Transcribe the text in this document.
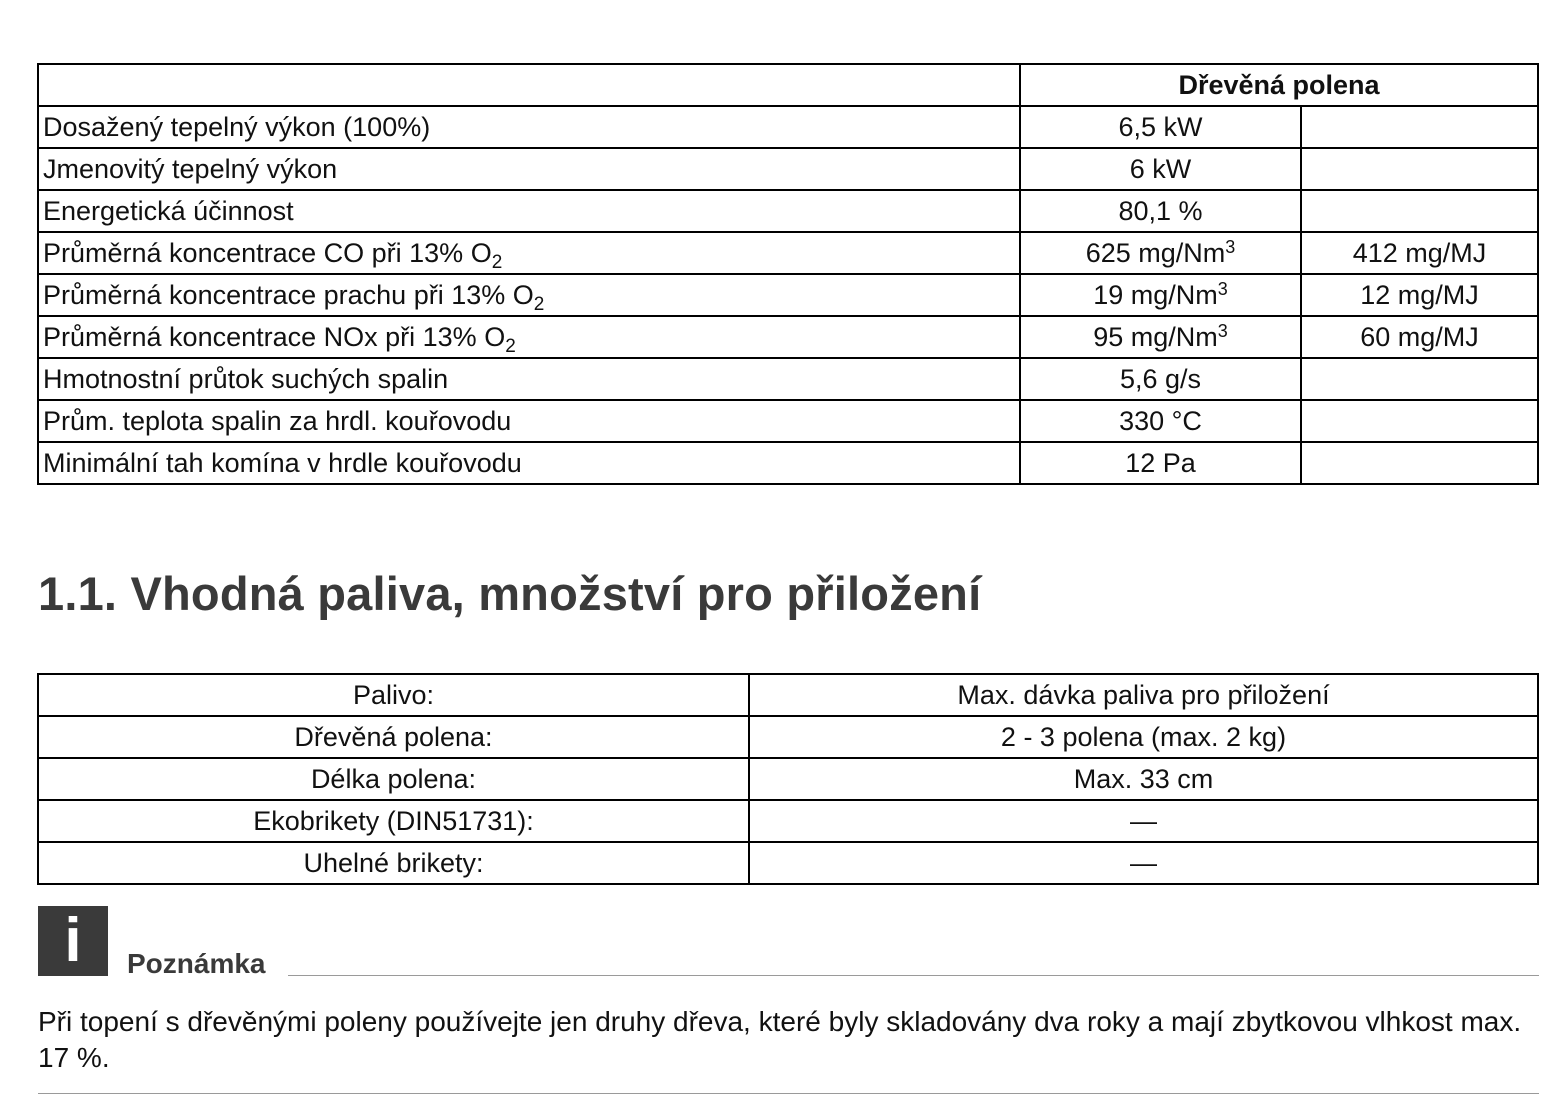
	Dřevěná polena	
Dosažený tepelný výkon (100%)	6,5 kW	
Jmenovitý tepelný výkon	6 kW	
Energetická účinnost	80,1 %	
Průměrná koncentrace CO při 13% $O_2$	625 mg/Nm$^3$	412 mg/MJ
Průměrná koncentrace prachu při 13% $O_2$	19 mg/Nm$^3$	12 mg/MJ
Průměrná koncentrace NOx při 13% $O_2$	95 mg/Nm$^3$	60 mg/MJ
Hmotnostní průtok suchých spalin	5,6 g/s	
Prům. teplota spalin za hrdl. kouřovodu	330 °C	
Minimální tah komína v hrdle kouřovodu	12 Pa	
1.1. Vhodná paliva, množství pro přiložení
Palivo:	Max. dávka paliva pro přiložení
Dřevěná polena:	2 - 3 polena (max. 2 kg)
Délka polena:	Max. 33 cm
Ekobrikety (DIN51731):	—
Uhelné brikety:	—
i	Poznámka

Při topení s dřevěnými poleny používejte jen druhy dřeva, které byly skladovány dva roky a mají zbytkovou vlhkost max. 17 %.
